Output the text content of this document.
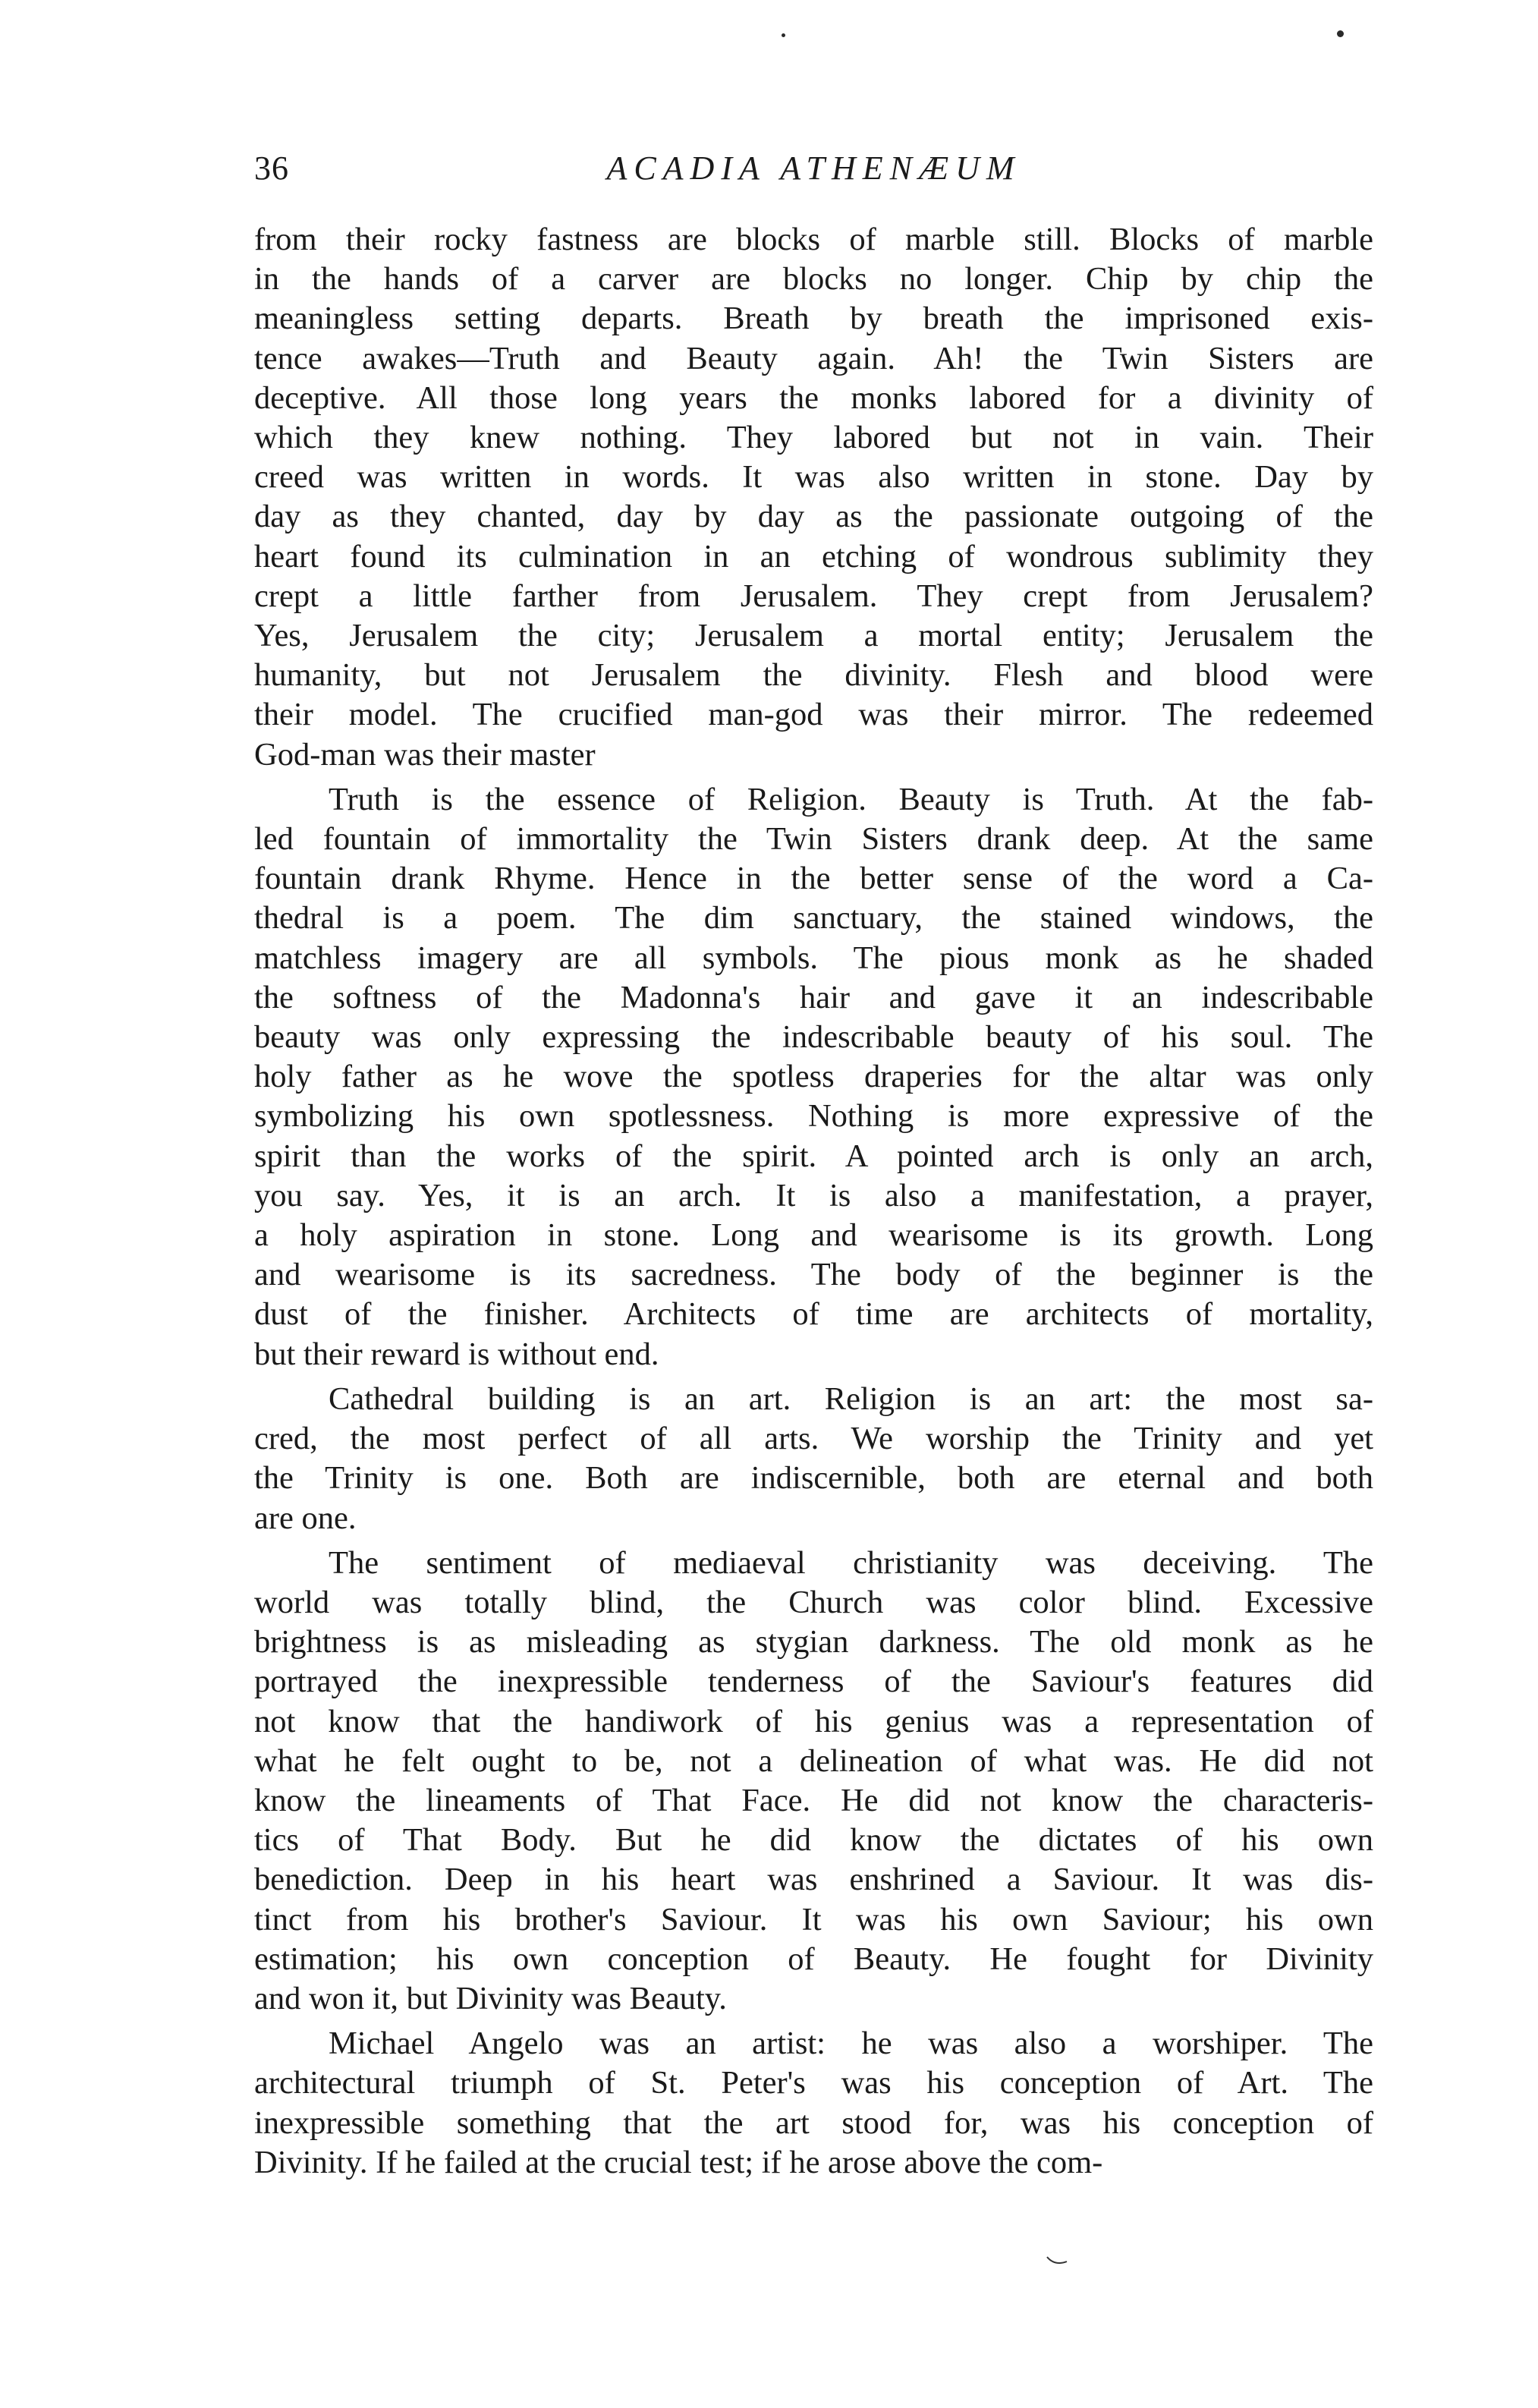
36	ACADIA ATHENÆUM

from their rocky fastness are blocks of marble still. Blocks of marble
in the hands of a carver are blocks no longer. Chip by chip the
meaningless setting departs. Breath by breath the imprisoned exis-
tence awakes—Truth and Beauty again. Ah! the Twin Sisters are
deceptive. All those long years the monks labored for a divinity of
which they knew nothing. They labored but not in vain. Their
creed was written in words. It was also written in stone. Day by
day as they chanted, day by day as the passionate outgoing of the
heart found its culmination in an etching of wondrous sublimity they
crept a little farther from Jerusalem. They crept from Jerusalem?
Yes, Jerusalem the city; Jerusalem a mortal entity; Jerusalem the
humanity, but not Jerusalem the divinity. Flesh and blood were
their model. The crucified man-god was their mirror. The redeemed
God-man was their master

Truth is the essence of Religion. Beauty is Truth. At the fab-
led fountain of immortality the Twin Sisters drank deep. At the same
fountain drank Rhyme. Hence in the better sense of the word a Ca-
thedral is a poem. The dim sanctuary, the stained windows, the
matchless imagery are all symbols. The pious monk as he shaded
the softness of the Madonna's hair and gave it an indescribable
beauty was only expressing the indescribable beauty of his soul. The
holy father as he wove the spotless draperies for the altar was only
symbolizing his own spotlessness. Nothing is more expressive of the
spirit than the works of the spirit. A pointed arch is only an arch,
you say. Yes, it is an arch. It is also a manifestation, a prayer,
a holy aspiration in stone. Long and wearisome is its growth. Long
and wearisome is its sacredness. The body of the beginner is the
dust of the finisher. Architects of time are architects of mortality,
but their reward is without end.

Cathedral building is an art. Religion is an art: the most sa-
cred, the most perfect of all arts. We worship the Trinity and yet
the Trinity is one. Both are indiscernible, both are eternal and both
are one.

The sentiment of mediaeval christianity was deceiving. The
world was totally blind, the Church was color blind. Excessive
brightness is as misleading as stygian darkness. The old monk as he
portrayed the inexpressible tenderness of the Saviour's features did
not know that the handiwork of his genius was a representation of
what he felt ought to be, not a delineation of what was. He did not
know the lineaments of That Face. He did not know the characteris-
tics of That Body. But he did know the dictates of his own
benediction. Deep in his heart was enshrined a Saviour. It was dis-
tinct from his brother's Saviour. It was his own Saviour; his own
estimation; his own conception of Beauty. He fought for Divinity
and won it, but Divinity was Beauty.

Michael Angelo was an artist: he was also a worshiper. The
architectural triumph of St. Peter's was his conception of Art. The
inexpressible something that the art stood for, was his conception of
Divinity. If he failed at the crucial test; if he arose above the com-
